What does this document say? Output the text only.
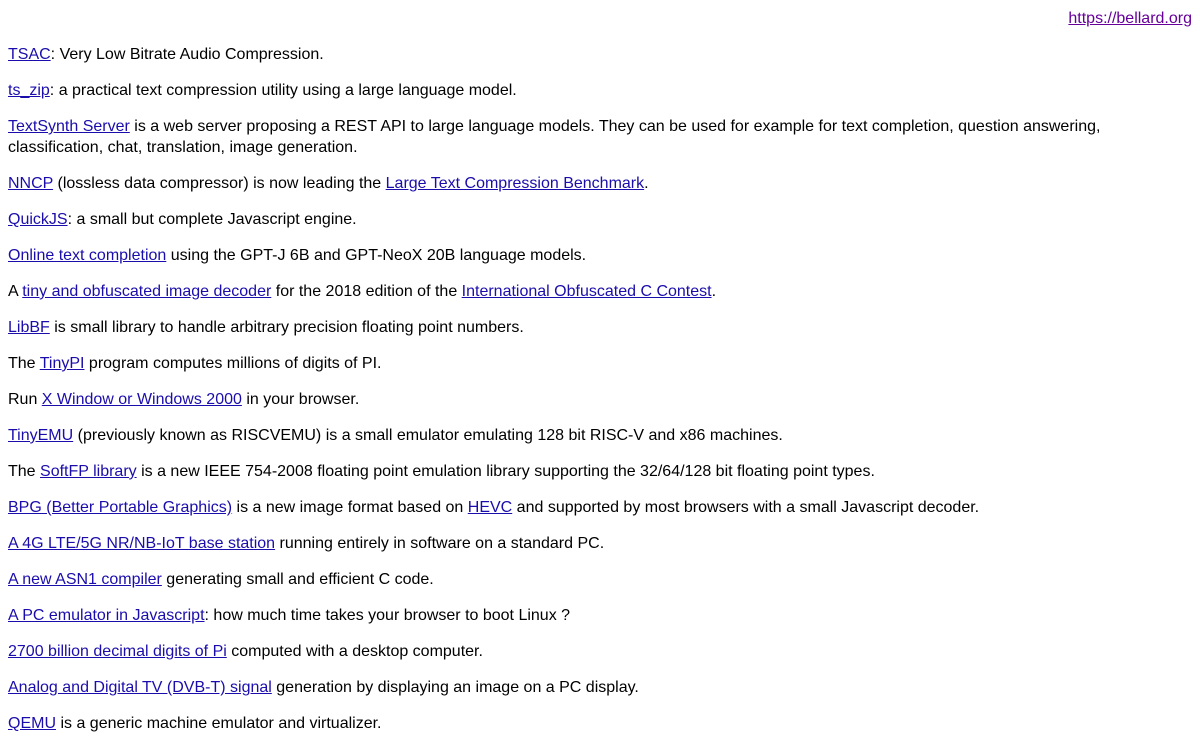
https://bellard.org

TSAC: Very Low Bitrate Audio Compression.

ts_zip: a practical text compression utility using a large language model.

TextSynth Server is a web server proposing a REST API to large language models. They can be used for example for text completion, question answering, classification, chat, translation, image generation.

NNCP (lossless data compressor) is now leading the Large Text Compression Benchmark.

QuickJS: a small but complete Javascript engine.

Online text completion using the GPT-J 6B and GPT-NeoX 20B language models.

A tiny and obfuscated image decoder for the 2018 edition of the International Obfuscated C Contest.

LibBF is small library to handle arbitrary precision floating point numbers.

The TinyPI program computes millions of digits of PI.

Run X Window or Windows 2000 in your browser.

TinyEMU (previously known as RISCVEMU) is a small emulator emulating 128 bit RISC-V and x86 machines.

The SoftFP library is a new IEEE 754-2008 floating point emulation library supporting the 32/64/128 bit floating point types.

BPG (Better Portable Graphics) is a new image format based on HEVC and supported by most browsers with a small Javascript decoder.

A 4G LTE/5G NR/NB-IoT base station running entirely in software on a standard PC.

A new ASN1 compiler generating small and efficient C code.

A PC emulator in Javascript: how much time takes your browser to boot Linux ?

2700 billion decimal digits of Pi computed with a desktop computer.

Analog and Digital TV (DVB-T) signal generation by displaying an image on a PC display.

QEMU is a generic machine emulator and virtualizer.
